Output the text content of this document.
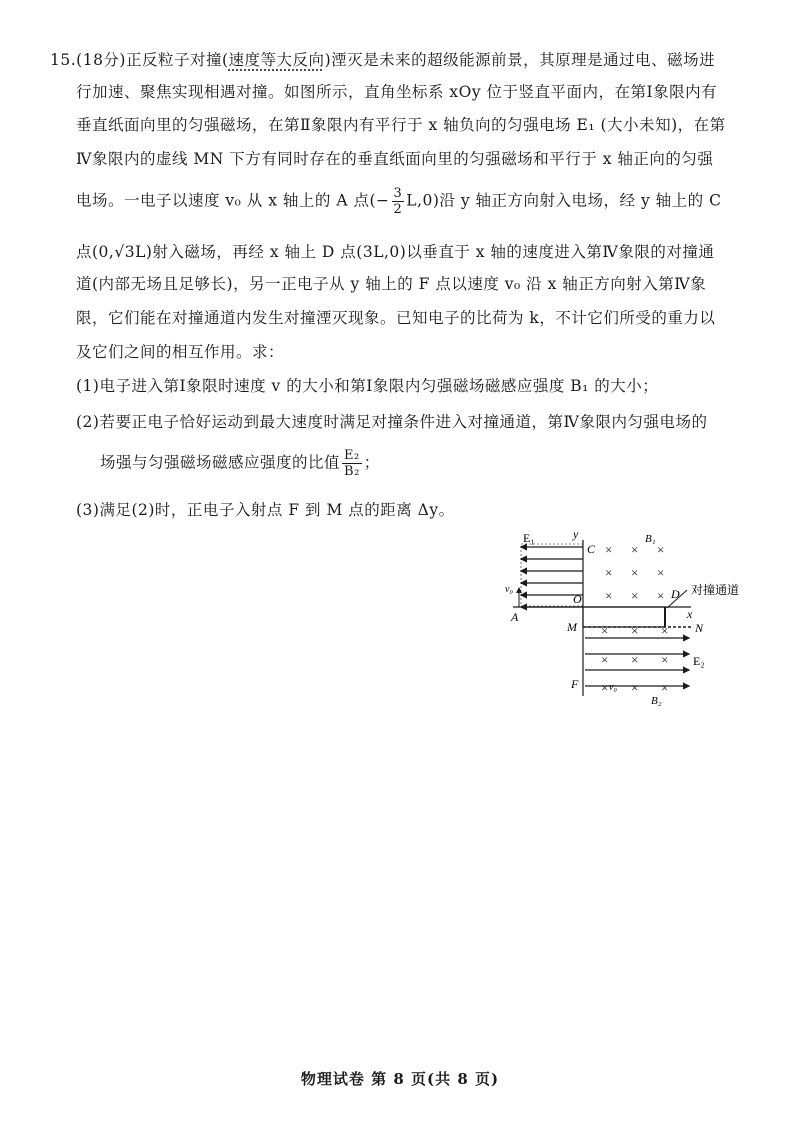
15.(18分)正反粒子对撞(速度等大反向)湮灭是未来的超级能源前景，其原理是通过电、磁场进
行加速、聚焦实现相遇对撞。如图所示，直角坐标系 xOy 位于竖直平面内，在第Ⅰ象限内有
垂直纸面向里的匀强磁场，在第Ⅱ象限内有平行于 x 轴负向的匀强电场 E₁ (大小未知)，在第
Ⅳ象限内的虚线 MN 下方有同时存在的垂直纸面向里的匀强磁场和平行于 x 轴正向的匀强
电场。一电子以速度 v₀ 从 x 轴上的 A 点(− $\frac{3}{2} L,0$)沿 y 轴正方向射入电场，经 y 轴上的 C
点(0,√3L)射入磁场，再经 x 轴上 D 点(3L,0)以垂直于 x 轴的速度进入第Ⅳ象限的对撞通
道(内部无场且足够长)，另一正电子从 y 轴上的 F 点以速度 v₀ 沿 x 轴正方向射入第Ⅳ象
限，它们能在对撞通道内发生对撞湮灭现象。已知电子的比荷为 k，不计它们所受的重力以
及它们之间的相互作用。求：
(1)电子进入第Ⅰ象限时速度 v 的大小和第Ⅰ象限内匀强磁场磁感应强度 B₁ 的大小；
(2)若要正电子恰好运动到最大速度时满足对撞条件进入对撞通道，第Ⅳ象限内匀强电场的
场强与匀强磁场磁感应强度的比值 $\frac{\text{E₂}}{\text{B₂}}$ ；
(3)满足(2)时，正电子入射点 F 到 M 点的距离 Δy。
E₁	y
C
O
A
v₀
× × ×
× × ×
× × ×
B₁
D 对撞通道
x
M	N
× × ×
× × ×
× × ×
E₂
F	v₀
B₂
物理试卷 第 8 页(共 8 页)
